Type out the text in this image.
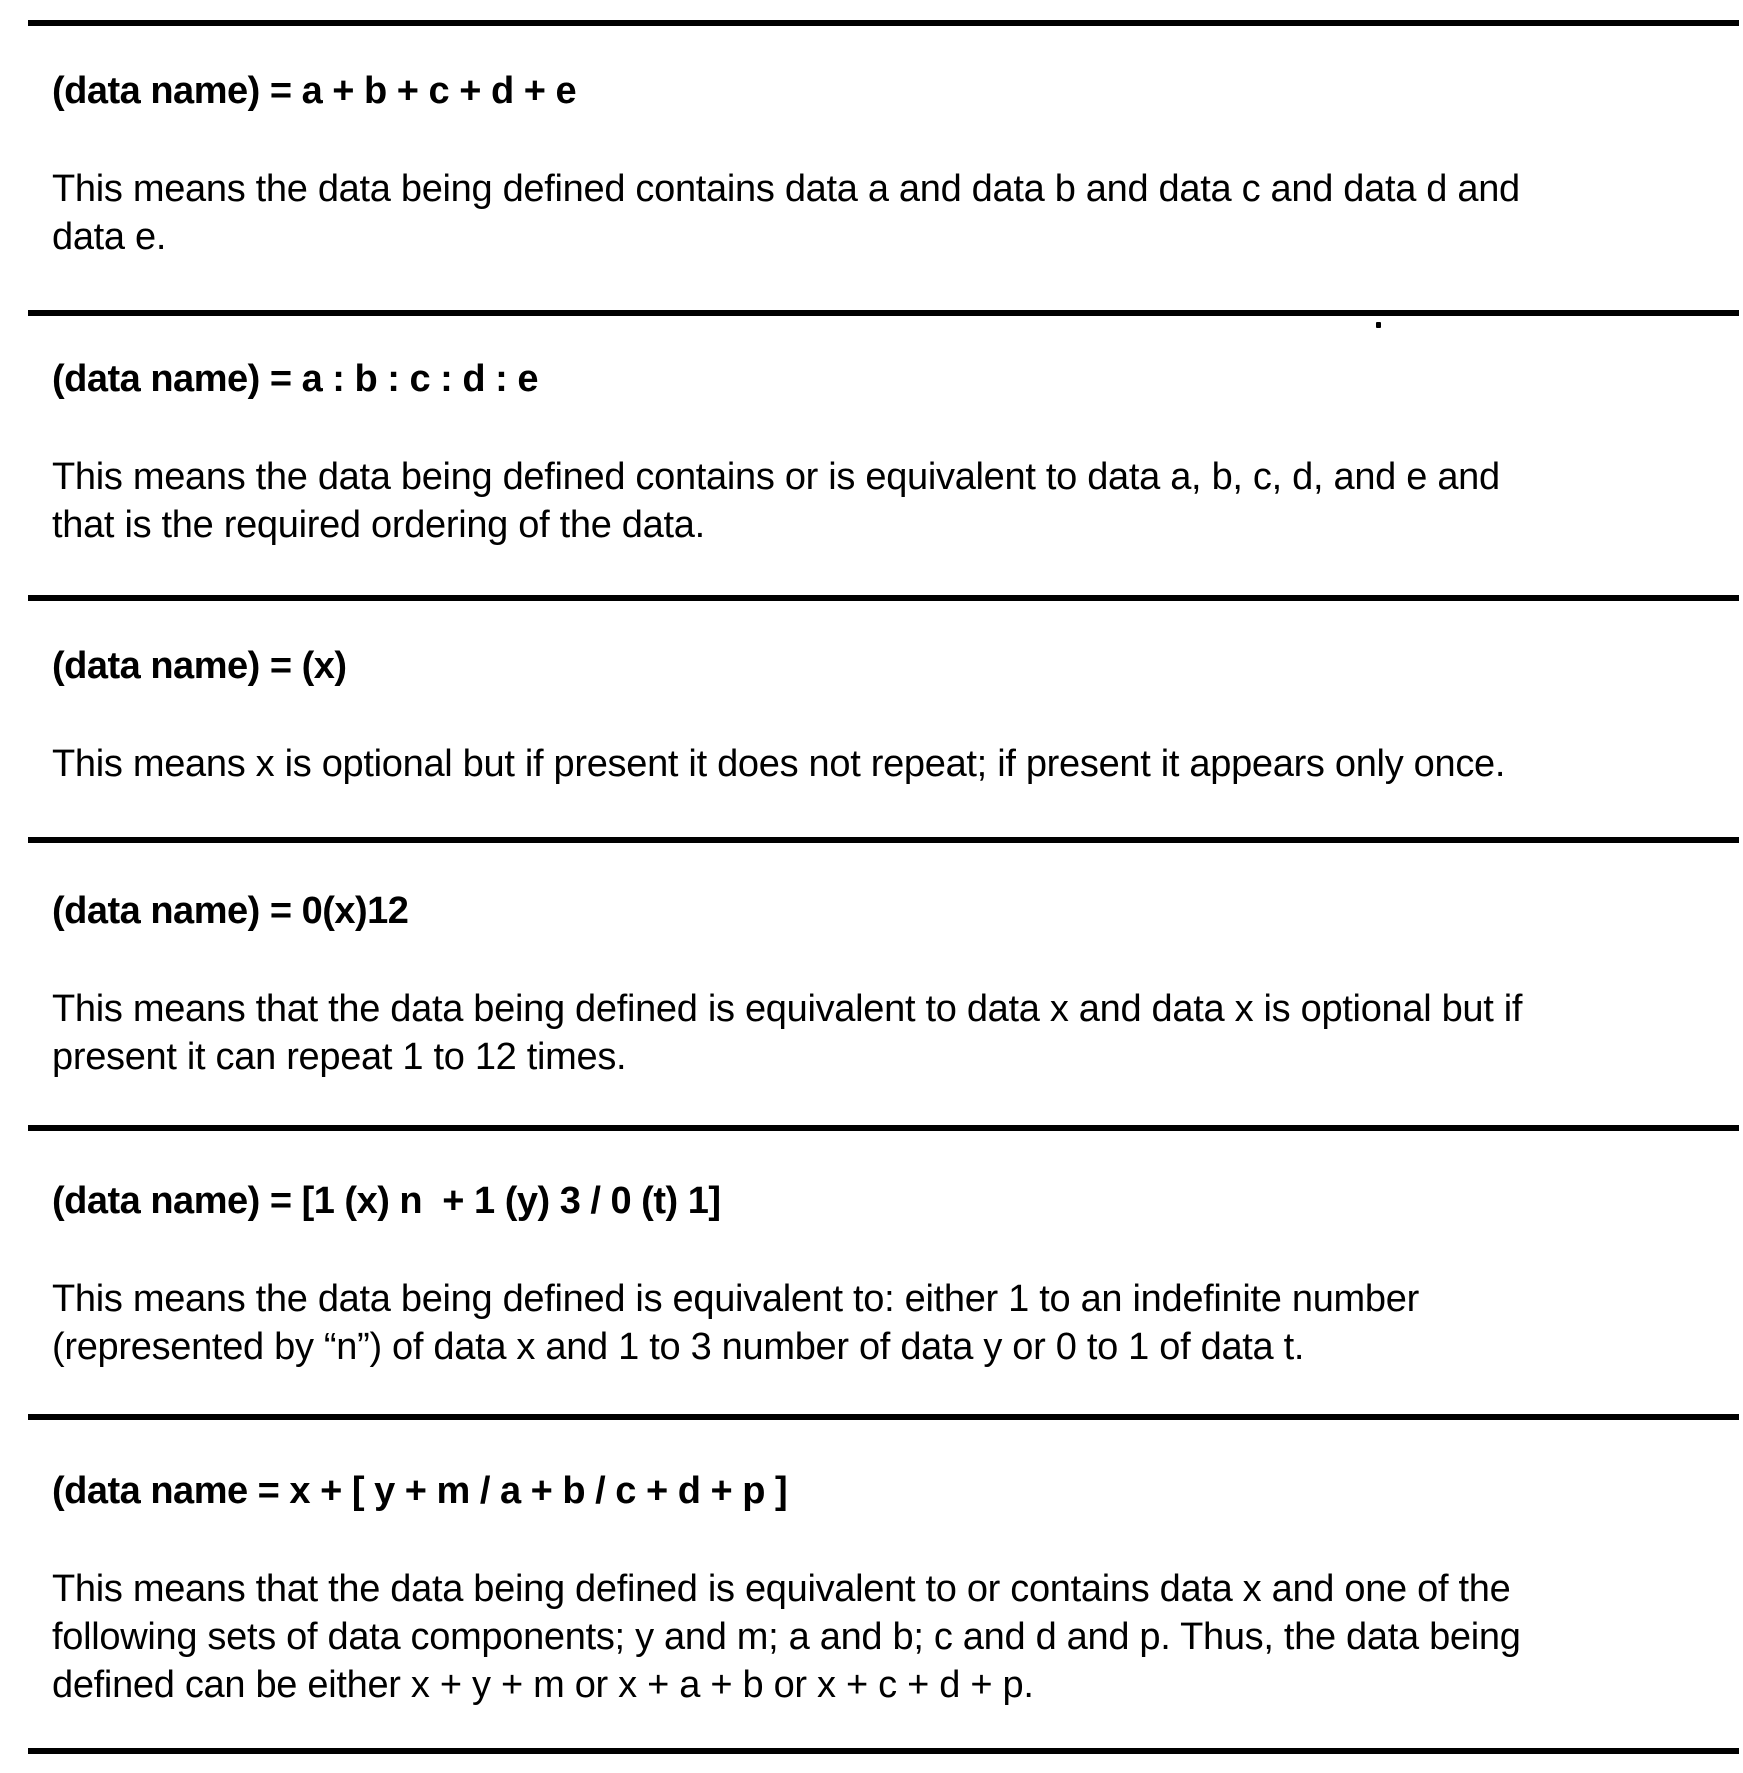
(data name) = a + b + c + d + e

This means the data being defined contains data a and data b and data c and data d and
data e.

(data name) = a : b : c : d : e

This means the data being defined contains or is equivalent to data a, b, c, d, and e and
that is the required ordering of the data.

(data name) = (x)

This means x is optional but if present it does not repeat; if present it appears only once.

(data name) = 0(x)12

This means that the data being defined is equivalent to data x and data x is optional but if
present it can repeat 1 to 12 times.

(data name) = [1 (x) n  + 1 (y) 3 / 0 (t) 1]

This means the data being defined is equivalent to: either 1 to an indefinite number
(represented by “n”) of data x and 1 to 3 number of data y or 0 to 1 of data t.

(data name = x + [ y + m / a + b / c + d + p ]

This means that the data being defined is equivalent to or contains data x and one of the
following sets of data components; y and m; a and b; c and d and p. Thus, the data being
defined can be either x + y + m or x + a + b or x + c + d + p.
